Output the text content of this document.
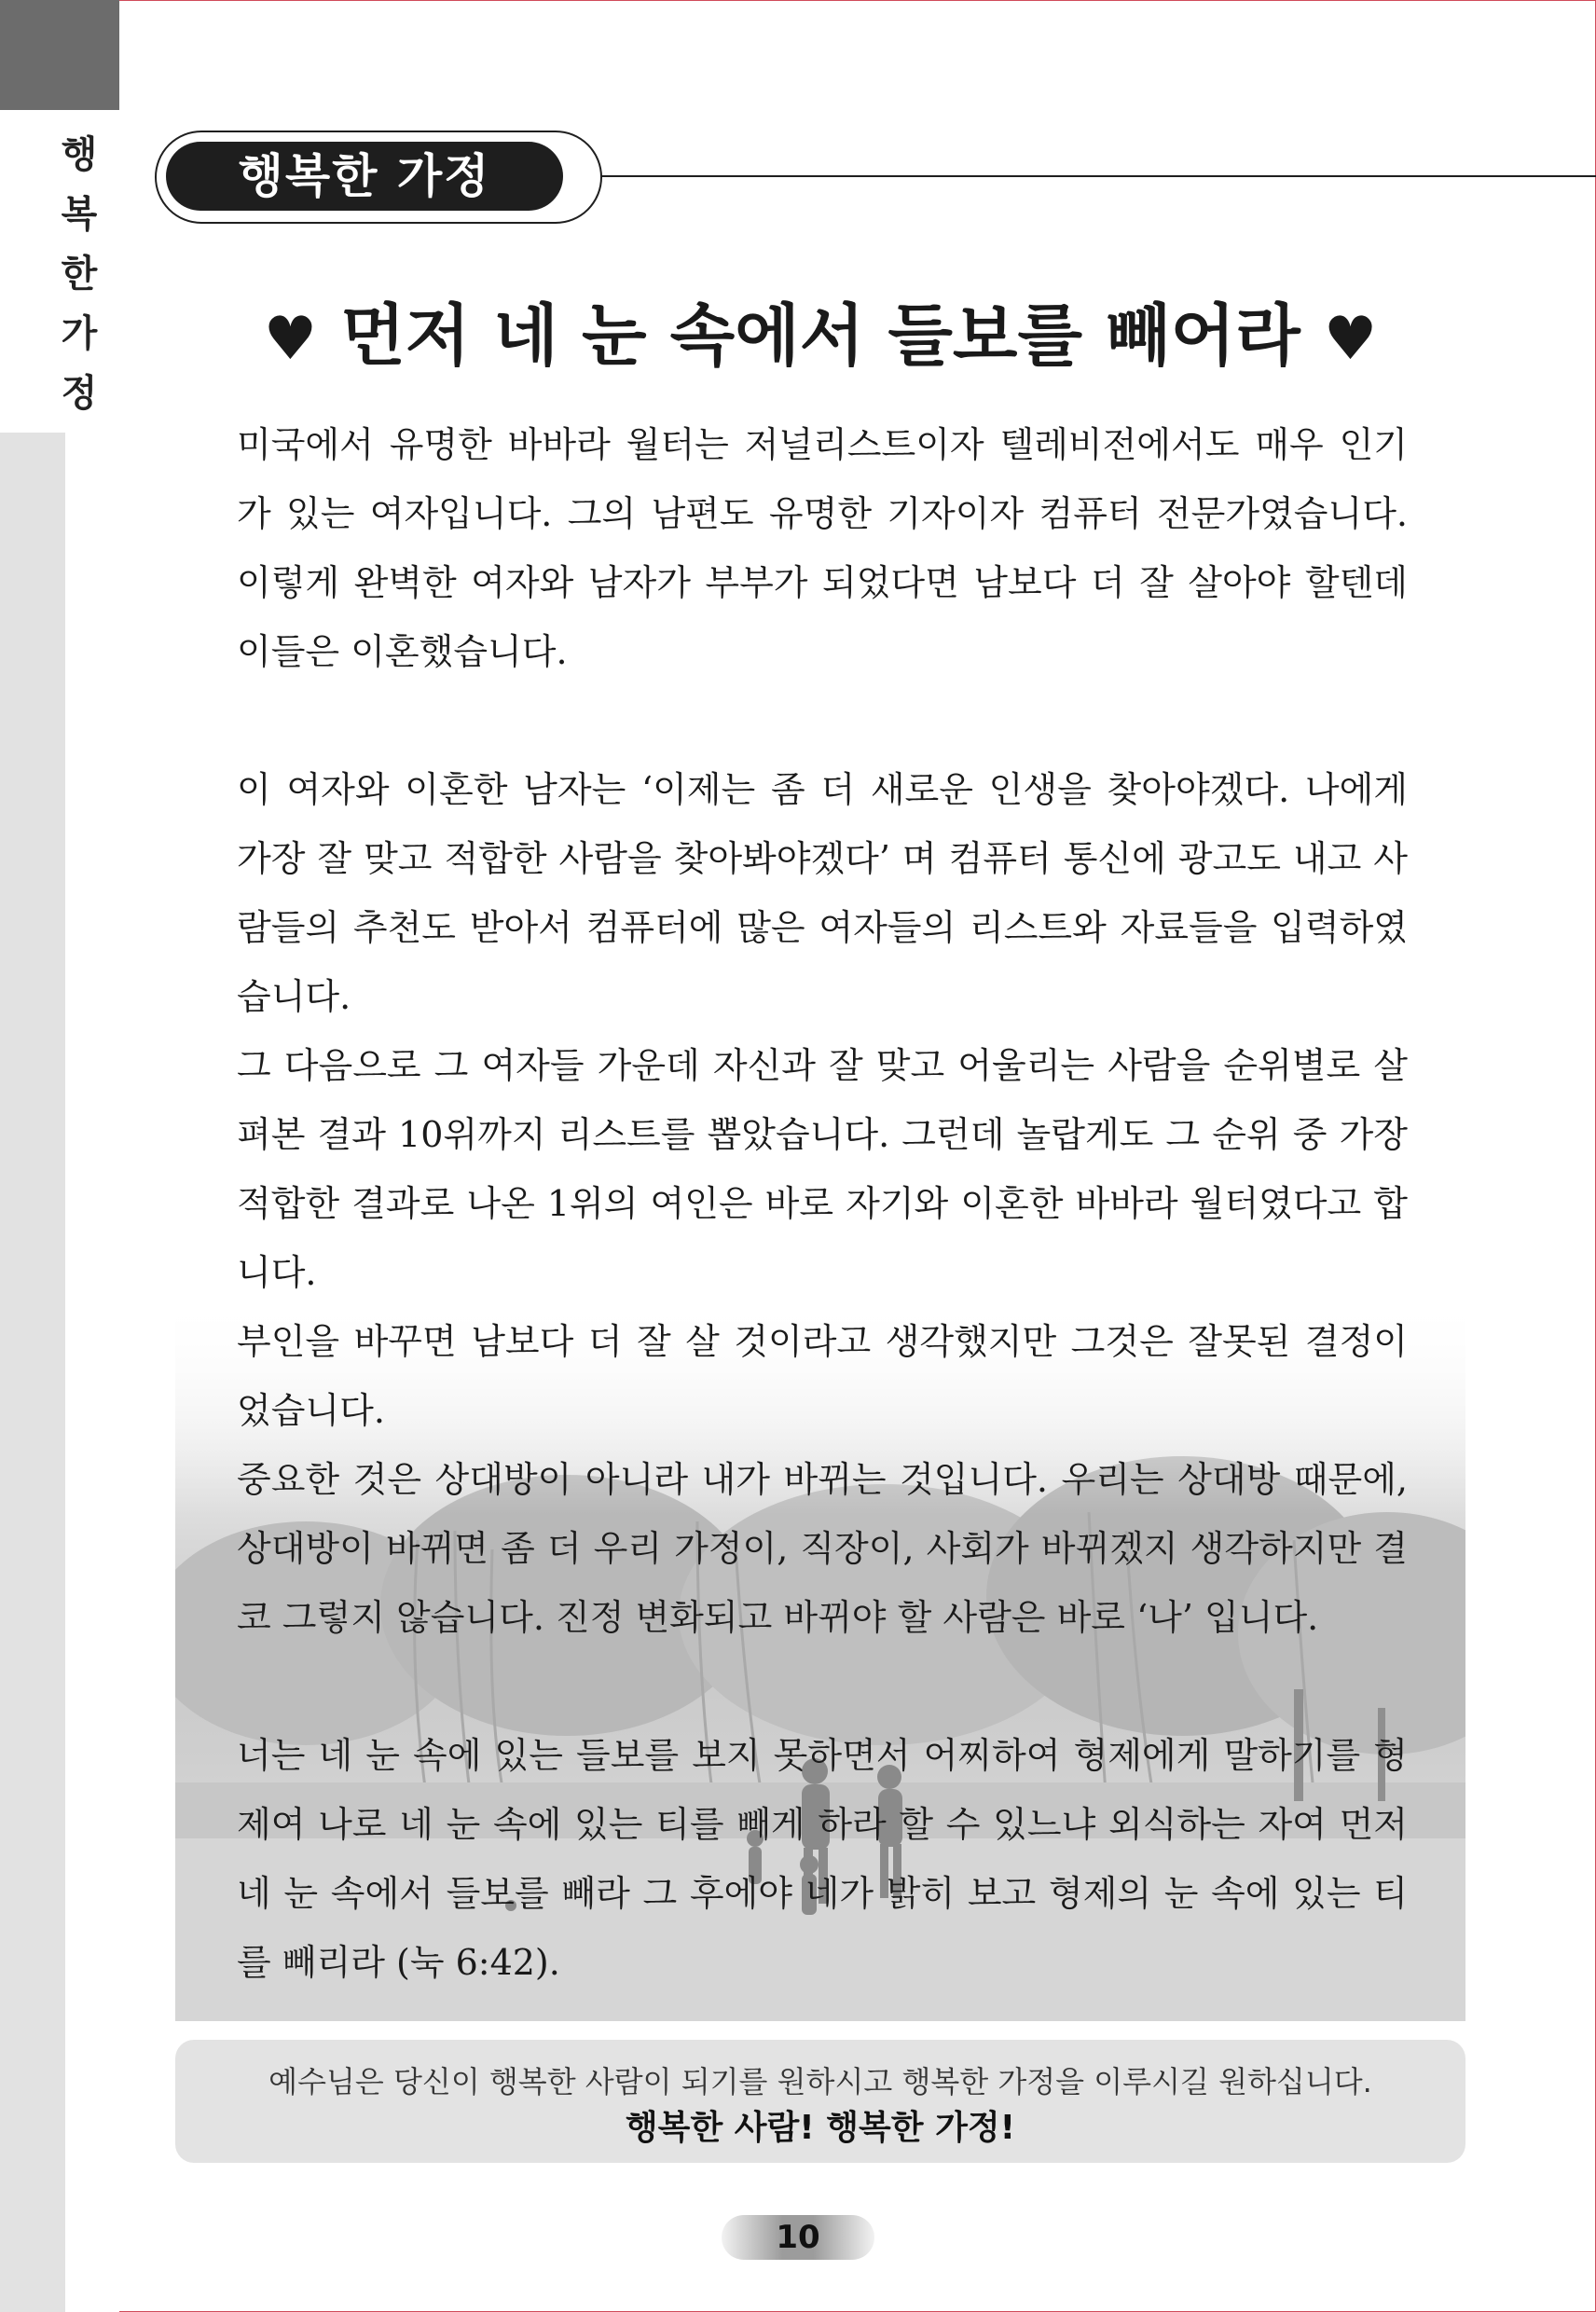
행복한가정
행복한 가정
♥ 먼저 네 눈 속에서 들보를 빼어라 ♥

미국에서 유명한 바바라 월터는 저널리스트이자 텔레비전에서도 매우 인기가 있는 여자입니다. 그의 남편도 유명한 기자이자 컴퓨터 전문가였습니다. 이렇게 완벽한 여자와 남자가 부부가 되었다면 남보다 더 잘 살아야 할텐데 이들은 이혼했습니다.

이 여자와 이혼한 남자는 ‘이제는 좀 더 새로운 인생을 찾아야겠다. 나에게 가장 잘 맞고 적합한 사람을 찾아봐야겠다’ 며 컴퓨터 통신에 광고도 내고 사람들의 추천도 받아서 컴퓨터에 많은 여자들의 리스트와 자료들을 입력하였습니다.

그 다음으로 그 여자들 가운데 자신과 잘 맞고 어울리는 사람을 순위별로 살펴본 결과 10위까지 리스트를 뽑았습니다. 그런데 놀랍게도 그 순위 중 가장 적합한 결과로 나온 1위의 여인은 바로 자기와 이혼한 바바라 월터였다고 합니다.

부인을 바꾸면 남보다 더 잘 살 것이라고 생각했지만 그것은 잘못된 결정이었습니다.

중요한 것은 상대방이 아니라 내가 바뀌는 것입니다. 우리는 상대방 때문에, 상대방이 바뀌면 좀 더 우리 가정이, 직장이, 사회가 바뀌겠지 생각하지만 결코 그렇지 않습니다. 진정 변화되고 바뀌야 할 사람은 바로 ‘나’ 입니다.

너는 네 눈 속에 있는 들보를 보지 못하면서 어찌하여 형제에게 말하기를 형제여 나로 네 눈 속에 있는 티를 빼게 하라 할 수 있느냐 외식하는 자여 먼저 네 눈 속에서 들보를 빼라 그 후에야 네가 밝히 보고 형제의 눈 속에 있는 티를 빼리라 (눅 6:42).

예수님은 당신이 행복한 사람이 되기를 원하시고 행복한 가정을 이루시길 원하십니다.
행복한 사람! 행복한 가정!
10
